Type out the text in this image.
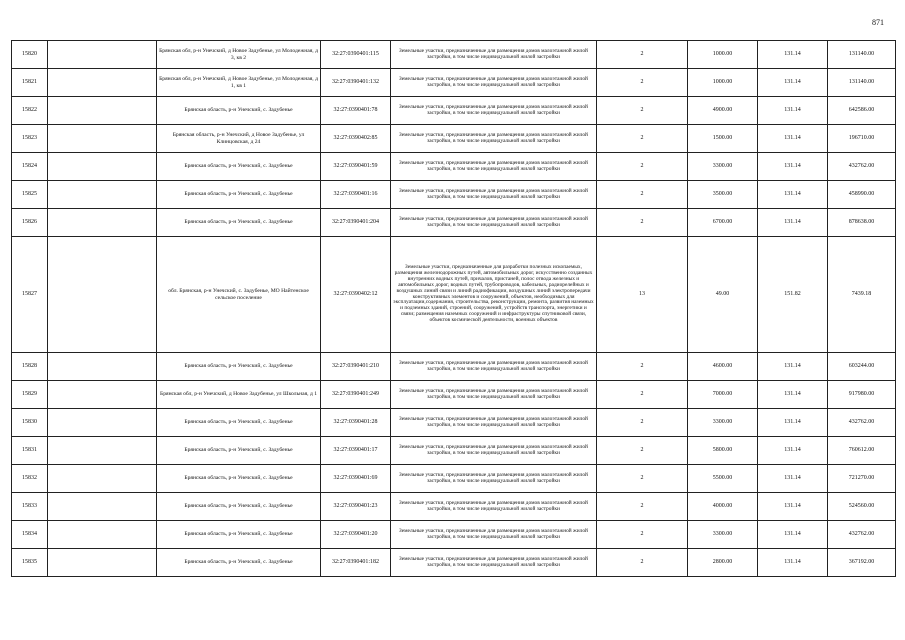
871
15820		Брянская обл, р-н Унечский, д Новое Задубенье, ул Молодежная, д 3, кв 2	32:27:0390401:115	Земельные участки, предназначенные для размещения домов малоэтажной жилой застройки, в том числе индивидуальной жилой застройки	2	1000.00	131.14	131140.00
15821		Брянская обл, р-н Унечский, д Новое Задубенье, ул Молодежная, д 1, кв 1	32:27:0390401:132	Земельные участки, предназначенные для размещения домов малоэтажной жилой застройки, в том числе индивидуальной жилой застройки	2	1000.00	131.14	131140.00
15822		Брянская область, р-н Унечский, с. Задубенье	32:27:0390401:78	Земельные участки, предназначенные для размещения домов малоэтажной жилой застройки, в том числе индивидуальной жилой застройки	2	4900.00	131.14	642586.00
15823		Брянская область, р-н Унечский, д Новое Задубенье, ул Клинцовская, д 24	32:27:0390402:85	Земельные участки, предназначенные для размещения домов малоэтажной жилой застройки, в том числе индивидуальной жилой застройки	2	1500.00	131.14	196710.00
15824		Брянская область, р-н Унечский, с. Задубенье	32:27:0390401:59	Земельные участки, предназначенные для размещения домов малоэтажной жилой застройки, в том числе индивидуальной жилой застройки	2	3300.00	131.14	432762.00
15825		Брянская область, р-н Унечский, с. Задубенье	32:27:0390401:16	Земельные участки, предназначенные для размещения домов малоэтажной жилой застройки, в том числе индивидуальной жилой застройки	2	3500.00	131.14	458990.00
15826		Брянская область, р-н Унечский, с. Задубенье	32:27:0390401:204	Земельные участки, предназначенные для размещения домов малоэтажной жилой застройки, в том числе индивидуальной жилой застройки	2	6700.00	131.14	878638.00
15827		обл. Брянская, р-н Унечский, с. Задубенье, МО Найтенское сельское поселение	32:27:0390402:12	Земельные участки, предназначенные для разработки полезных ископаемых, размещения железнодорожных путей, автомобильных дорог, искусственно созданных внутренних водных путей, причалов, пристаней, полос отвода железных и автомобильных дорог, водных путей, трубопроводов, кабельных, радиорелейных и воздушных линий связи и линий радиофикации, воздушных линий электропередачи конструктивных элементов и сооружений, объектов, необходимых для эксплуатации,содержания, строительства, реконструкции, ремонта, развития наземных и подземных зданий, строений, сооружений, устройств транспорта, энергетики и связи; размещения наземных сооружений и инфраструктуры спутниковой связи, объектов космической деятельности, военных объектов	13	49.00	151.82	7439.18
15828		Брянская область, р-н Унечский, с. Задубенье	32:27:0390401:210	Земельные участки, предназначенные для размещения домов малоэтажной жилой застройки, в том числе индивидуальной жилой застройки	2	4600.00	131.14	603244.00
15829		Брянская обл, р-н Унечский, д Новое Задубенье, ул Школьная, д 1	32:27:0390401:249	Земельные участки, предназначенные для размещения домов малоэтажной жилой застройки, в том числе индивидуальной жилой застройки	2	7000.00	131.14	917980.00
15830		Брянская область, р-н Унечский, с. Задубенье	32:27:0390401:28	Земельные участки, предназначенные для размещения домов малоэтажной жилой застройки, в том числе индивидуальной жилой застройки	2	3300.00	131.14	432762.00
15831		Брянская область, р-н Унечский, с. Задубенье	32:27:0390401:17	Земельные участки, предназначенные для размещения домов малоэтажной жилой застройки, в том числе индивидуальной жилой застройки	2	5800.00	131.14	760612.00
15832		Брянская область, р-н Унечский, с. Задубенье	32:27:0390401:69	Земельные участки, предназначенные для размещения домов малоэтажной жилой застройки, в том числе индивидуальной жилой застройки	2	5500.00	131.14	721270.00
15833		Брянская область, р-н Унечский, с. Задубенье	32:27:0390401:23	Земельные участки, предназначенные для размещения домов малоэтажной жилой застройки, в том числе индивидуальной жилой застройки	2	4000.00	131.14	524560.00
15834		Брянская область, р-н Унечский, с. Задубенье	32:27:0390401:20	Земельные участки, предназначенные для размещения домов малоэтажной жилой застройки, в том числе индивидуальной жилой застройки	2	3300.00	131.14	432762.00
15835		Брянская область, р-н Унечский, с. Задубенье	32:27:0390401:182	Земельные участки, предназначенные для размещения домов малоэтажной жилой застройки, в том числе индивидуальной жилой застройки	2	2800.00	131.14	367192.00
